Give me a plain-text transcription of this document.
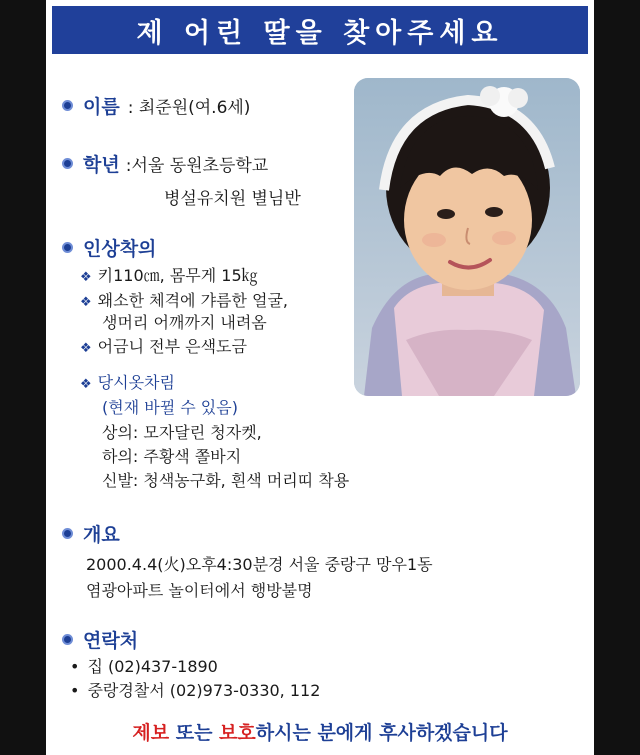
제 어린 딸을 찾아주세요
이름 : 최준원(여.6세)
학년 :서울 동원초등학교
병설유치원 별님반
인상착의
❖ 키110㎝, 몸무게 15㎏
❖ 왜소한 체격에 갸름한 얼굴,
생머리 어깨까지 내려옴
❖ 어금니 전부 은색도금
❖ 당시옷차림
(현재 바뀔 수 있음)
상의: 모자달린 청자켓,
하의: 주황색 쫄바지
신발: 청색농구화, 흰색 머리띠 착용
개요
2000.4.4(火)오후4:30분경 서울 중랑구 망우1동
염광아파트 놀이터에서 행방불명
연락처
• 집 (02)437-1890
• 중랑경찰서 (02)973-0330, 112
제보 또는 보호하시는 분에게 후사하겠습니다
